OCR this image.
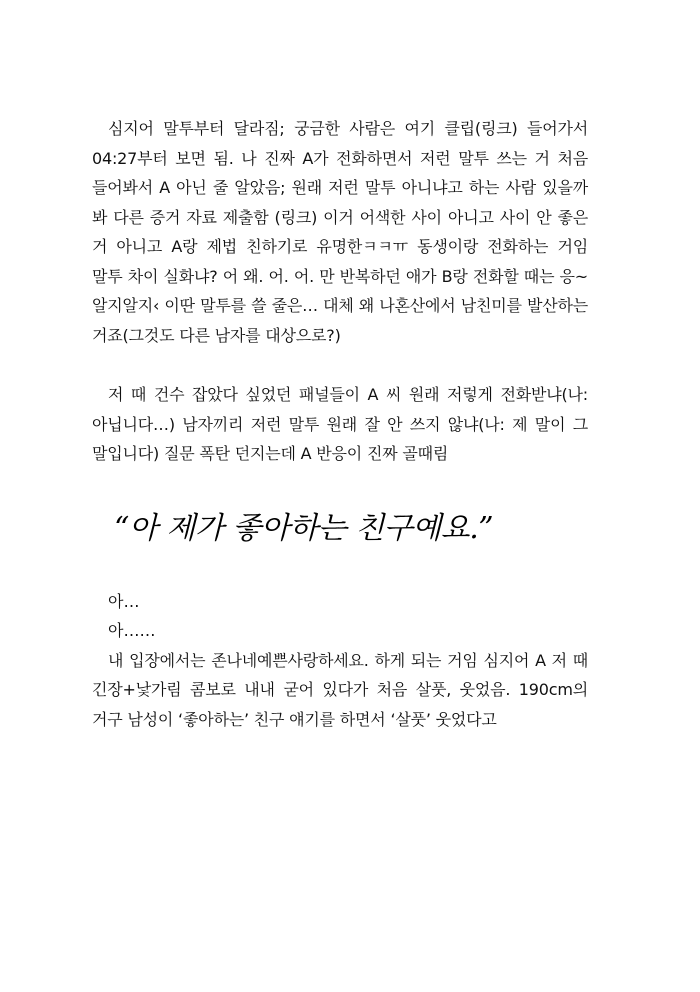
심지어 말투부터 달라짐; 궁금한 사람은 여기 클립(링크) 들어가서 04:27부터 보면 됨. 나 진짜 A가 전화하면서 저런 말투 쓰는 거 처음 들어봐서 A 아닌 줄 알았음; 원래 저런 말투 아니냐고 하는 사람 있을까 봐 다른 증거 자료 제출함 (링크) 이거 어색한 사이 아니고 사이 안 좋은 거 아니고 A랑 제법 친하기로 유명한ㅋㅋㅠ 동생이랑 전화하는 거임 말투 차이 실화냐? 어 왜. 어. 어. 만 반복하던 애가 B랑 전화할 때는 응~ 알지알지‹ 이딴 말투를 쓸 줄은… 대체 왜 나혼산에서 남친미를 발산하는 거죠(그것도 다른 남자를 대상으로?)

저 때 건수 잡았다 싶었던 패널들이 A 씨 원래 저렇게 전화받냐(나: 아닙니다…) 남자끼리 저런 말투 원래 잘 안 쓰지 않냐(나: 제 말이 그 말입니다) 질문 폭탄 던지는데 A 반응이 진짜 골때림

“아 제가 좋아하는 친구예요.”

아…

아……

내 입장에서는 존나네예쁜사랑하세요. 하게 되는 거임 심지어 A 저 때 긴장+낯가림 콤보로 내내 굳어 있다가 처음 살풋, 웃었음. 190cm의 거구 남성이 ‘좋아하는’ 친구 얘기를 하면서 ‘살풋’ 웃었다고
